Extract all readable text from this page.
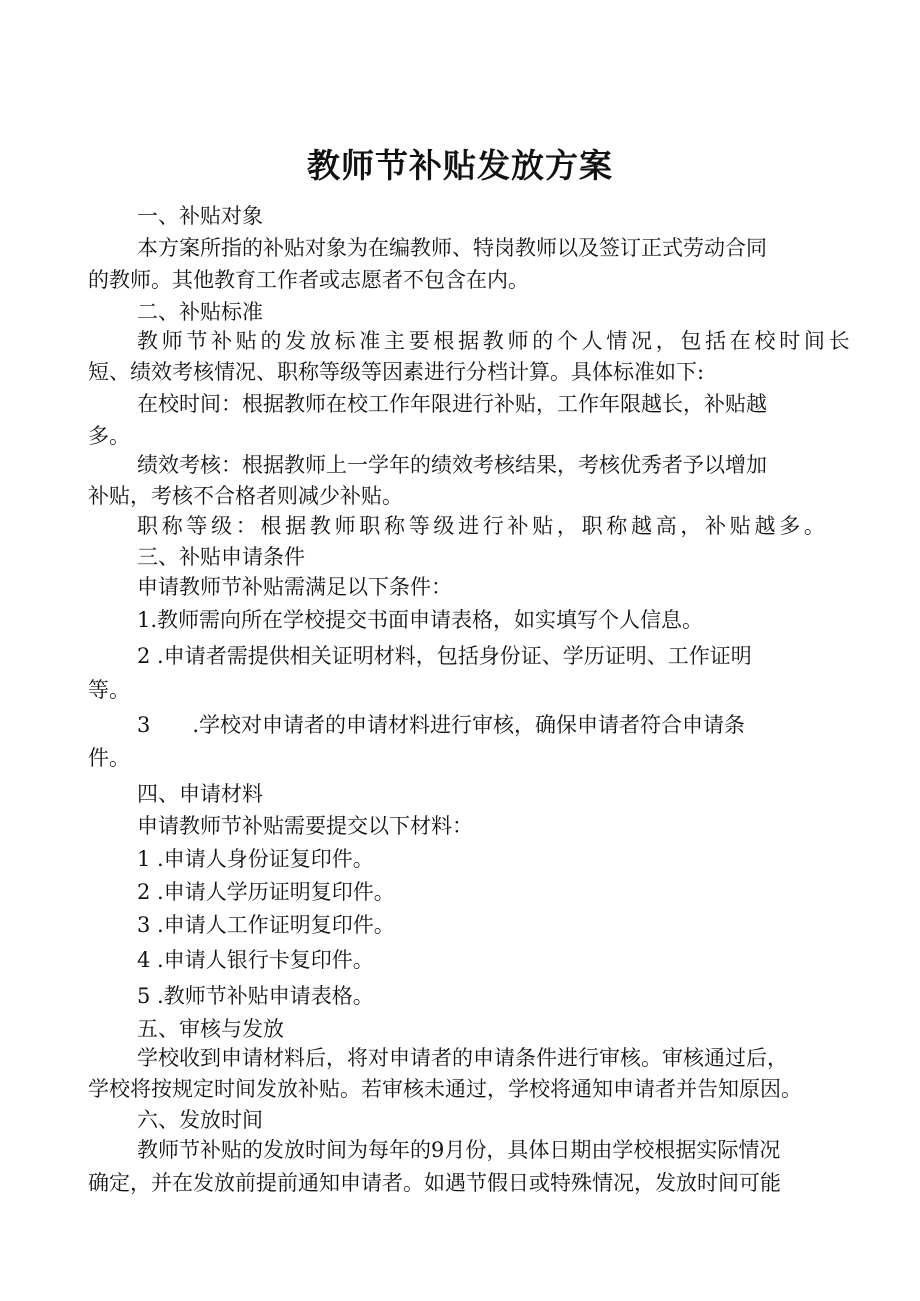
教师节补贴发放方案
一、补贴对象
本方案所指的补贴对象为在编教师、特岗教师以及签订正式劳动合同
的教师。其他教育工作者或志愿者不包含在内。
二、补贴标准
教师节补贴的发放标准主要根据教师的个人情况，包括在校时间长
短、绩效考核情况、职称等级等因素进行分档计算。具体标准如下:
在校时间：根据教师在校工作年限进行补贴，工作年限越长，补贴越
多。
绩效考核：根据教师上一学年的绩效考核结果，考核优秀者予以增加
补贴，考核不合格者则减少补贴。
职称等级：根据教师职称等级进行补贴，职称越高，补贴越多。
三、补贴申请条件
申请教师节补贴需满足以下条件：
1.教师需向所在学校提交书面申请表格，如实填写个人信息。
2 .申请者需提供相关证明材料，包括身份证、学历证明、工作证明
等。
3 .学校对申请者的申请材料进行审核，确保申请者符合申请条
件。
四、申请材料
申请教师节补贴需要提交以下材料：
1 .申请人身份证复印件。
2 .申请人学历证明复印件。
3 .申请人工作证明复印件。
4 .申请人银行卡复印件。
5 .教师节补贴申请表格。
五、审核与发放
学校收到申请材料后，将对申请者的申请条件进行审核。审核通过后，
学校将按规定时间发放补贴。若审核未通过，学校将通知申请者并告知原因。
六、发放时间
教师节补贴的发放时间为每年的9月份，具体日期由学校根据实际情况
确定，并在发放前提前通知申请者。如遇节假日或特殊情况，发放时间可能
